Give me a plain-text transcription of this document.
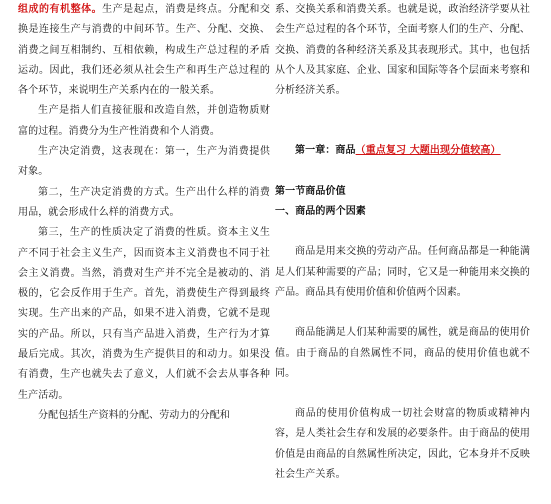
组成的有机整体。生产是起点，消费是终点。分配和交换是连接生产与消费的中间环节。生产、分配、交换、消费之间互相制约、互相依赖，构成生产总过程的矛盾运动。因此，我们还必须从社会生产和再生产总过程的各个环节，来说明生产关系内在的一般关系。

生产是指人们直接征服和改造自然，并创造物质财富的过程。消费分为生产性消费和个人消费。

生产决定消费，这表现在：第一，生产为消费提供对象。

第二，生产决定消费的方式。生产出什么样的消费用品，就会形成什么样的消费方式。

第三，生产的性质决定了消费的性质。资本主义生产不同于社会主义生产，因而资本主义消费也不同于社会主义消费。当然，消费对生产并不完全是被动的、消极的，它会反作用于生产。首先，消费使生产得到最终实现。生产出来的产品，如果不进入消费，它就不是现实的产品。所以，只有当产品进入消费，生产行为才算最后完成。其次，消费为生产提供目的和动力。如果没有消费，生产也就失去了意义，人们就不会去从事各种生产活动。

分配包括生产资料的分配、劳动力的分配和

系、交换关系和消费关系。也就是说，政治经济学要从社会生产总过程的各个环节，全面考察人们的生产、分配、交换、消费的各种经济关系及其表现形式。其中，也包括从个人及其家庭、企业、国家和国际等各个层面来考察和分析经济关系。

第一章：商品（重点复习 大题出现分值较高）

第一节商品价值

一、商品的两个因素

商品是用来交换的劳动产品。任何商品都是一种能满足人们某种需要的产品；同时，它又是一种能用来交换的产品。商品具有使用价值和价值两个因素。

商品能满足人们某种需要的属性，就是商品的使用价值。由于商品的自然属性不同，商品的使用价值也就不同。

商品的使用价值构成一切社会财富的物质或精神内容，是人类社会生存和发展的必要条件。由于商品的使用价值是由商品的自然属性所决定，因此，它本身并不反映社会生产关系。
